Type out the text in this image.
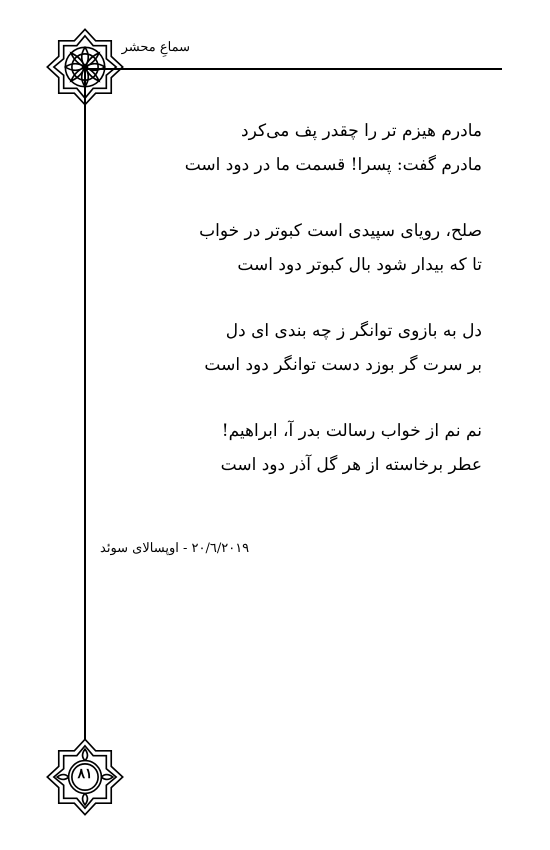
سماعِ محشر
مادرم هیزم تر را چقدر پف می‌کرد
مادرم گفت: پسرا! قسمت ما در دود است
صلح، رویای سپیدی است کبوتر در خواب
تا که بیدار شود بال کبوتر دود است
دل به بازوی توانگر ز چه بندی ای دل
بر سرت گر بوزد دست توانگر دود است
نم نم از خواب رسالت بدر آ، ابراهیم!
عطر برخاسته از هر گل آذر دود است
۲۰۱۹/٦/۲۰ - اوپسالای سوئد
۸۱
